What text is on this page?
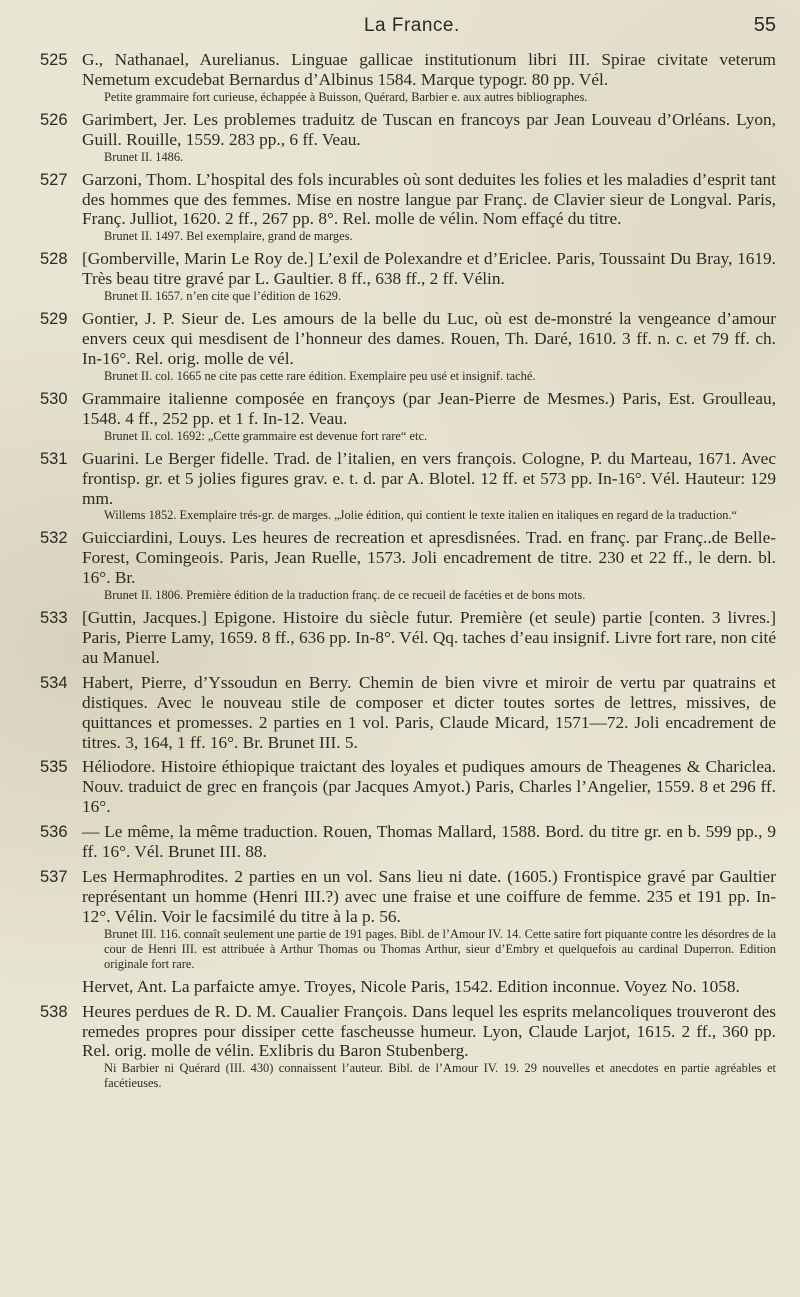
La France.	55
525 G., Nathanael, Aurelianus. Linguae gallicae institutionum libri III. Spirae civitate veterum Nemetum excudebat Bernardus d’Albinus 1584. Marque typogr. 80 pp. Vél.
Petite grammaire fort curieuse, échappée à Buisson, Quérard, Barbier e. aux autres bibliographes.
526 Garimbert, Jer. Les problemes traduitz de Tuscan en francoys par Jean Louveau d’Orléans. Lyon, Guill. Rouille, 1559. 283 pp., 6 ff. Veau.
Brunet II. 1486.
527 Garzoni, Thom. L’hospital des fols incurables où sont deduites les folies et les maladies d’esprit tant des hommes que des femmes. Mise en nostre langue par Franç. de Clavier sieur de Longval. Paris, Franç. Julliot, 1620. 2 ff., 267 pp. 8°. Rel. molle de vélin. Nom effaçé du titre.
Brunet II. 1497. Bel exemplaire, grand de marges.
528 [Gomberville, Marin Le Roy de.] L’exil de Polexandre et d’Ericlee. Paris, Toussaint Du Bray, 1619. Très beau titre gravé par L. Gaultier. 8 ff., 638 ff., 2 ff. Vélin.
Brunet II. 1657. n’en cite que l’édition de 1629.
529 Gontier, J. P. Sieur de. Les amours de la belle du Luc, où est de-monstré la vengeance d’amour envers ceux qui mesdisent de l’honneur des dames. Rouen, Th. Daré, 1610. 3 ff. n. c. et 79 ff. ch. In-16°. Rel. orig. molle de vél.
Brunet II. col. 1665 ne cite pas cette rare édition. Exemplaire peu usé et insignif. taché.
530 Grammaire italienne composée en françoys (par Jean-Pierre de Mesmes.) Paris, Est. Groulleau, 1548. 4 ff., 252 pp. et 1 f. In-12. Veau.
Brunet II. col. 1692: „Cette grammaire est devenue fort rare“ etc.
531 Guarini. Le Berger fidelle. Trad. de l’italien, en vers françois. Cologne, P. du Marteau, 1671. Avec frontisp. gr. et 5 jolies figures grav. e. t. d. par A. Blotel. 12 ff. et 573 pp. In-16°. Vél. Hauteur: 129 mm.
Willems 1852. Exemplaire trés-gr. de marges. „Jolie édition, qui contient le texte italien en italiques en regard de la traduction.“
532 Guicciardini, Louys. Les heures de recreation et apresdisnées. Trad. en franç. par Franç..de Belle-Forest, Comingeois. Paris, Jean Ruelle, 1573. Joli encadrement de titre. 230 et 22 ff., le dern. bl. 16°. Br.
Brunet II. 1806. Première édition de la traduction franç. de ce recueil de facéties et de bons mots.
533 [Guttin, Jacques.] Epigone. Histoire du siècle futur. Première (et seule) partie [conten. 3 livres.] Paris, Pierre Lamy, 1659. 8 ff., 636 pp. In-8°. Vél. Qq. taches d’eau insignif. Livre fort rare, non cité au Manuel.
534 Habert, Pierre, d’Yssoudun en Berry. Chemin de bien vivre et miroir de vertu par quatrains et distiques. Avec le nouveau stile de composer et dicter toutes sortes de lettres, missives, de quittances et promesses. 2 parties en 1 vol. Paris, Claude Micard, 1571—72. Joli encadrement de titres. 3, 164, 1 ff. 16°. Br. Brunet III. 5.
535 Héliodore. Histoire éthiopique traictant des loyales et pudiques amours de Theagenes & Chariclea. Nouv. traduict de grec en françois (par Jacques Amyot.) Paris, Charles l’Angelier, 1559. 8 et 296 ff. 16°.
536 — Le même, la même traduction. Rouen, Thomas Mallard, 1588. Bord. du titre gr. en b. 599 pp., 9 ff. 16°. Vél. Brunet III. 88.
537 Les Hermaphrodites. 2 parties en un vol. Sans lieu ni date. (1605.) Frontispice gravé par Gaultier représentant un homme (Henri III.?) avec une fraise et une coiffure de femme. 235 et 191 pp. In-12°. Vélin. Voir le facsimilé du titre à la p. 56.
Brunet III. 116. connaît seulement une partie de 191 pages. Bibl. de l’Amour IV. 14. Cette satire fort piquante contre les désordres de la cour de Henri III. est attribuée à Arthur Thomas ou Thomas Arthur, sieur d’Embry et quelquefois au cardinal Duperron. Edition originale fort rare.
Hervet, Ant. La parfaicte amye. Troyes, Nicole Paris, 1542. Edition inconnue. Voyez No. 1058.
538 Heures perdues de R. D. M. Caualier François. Dans lequel les esprits melancoliques trouveront des remedes propres pour dissiper cette fascheusse humeur. Lyon, Claude Larjot, 1615. 2 ff., 360 pp. Rel. orig. molle de vélin. Exlibris du Baron Stubenberg.
Ni Barbier ni Quérard (III. 430) connaissent l’auteur. Bibl. de l’Amour IV. 19. 29 nouvelles et anecdotes en partie agréables et facétieuses.
